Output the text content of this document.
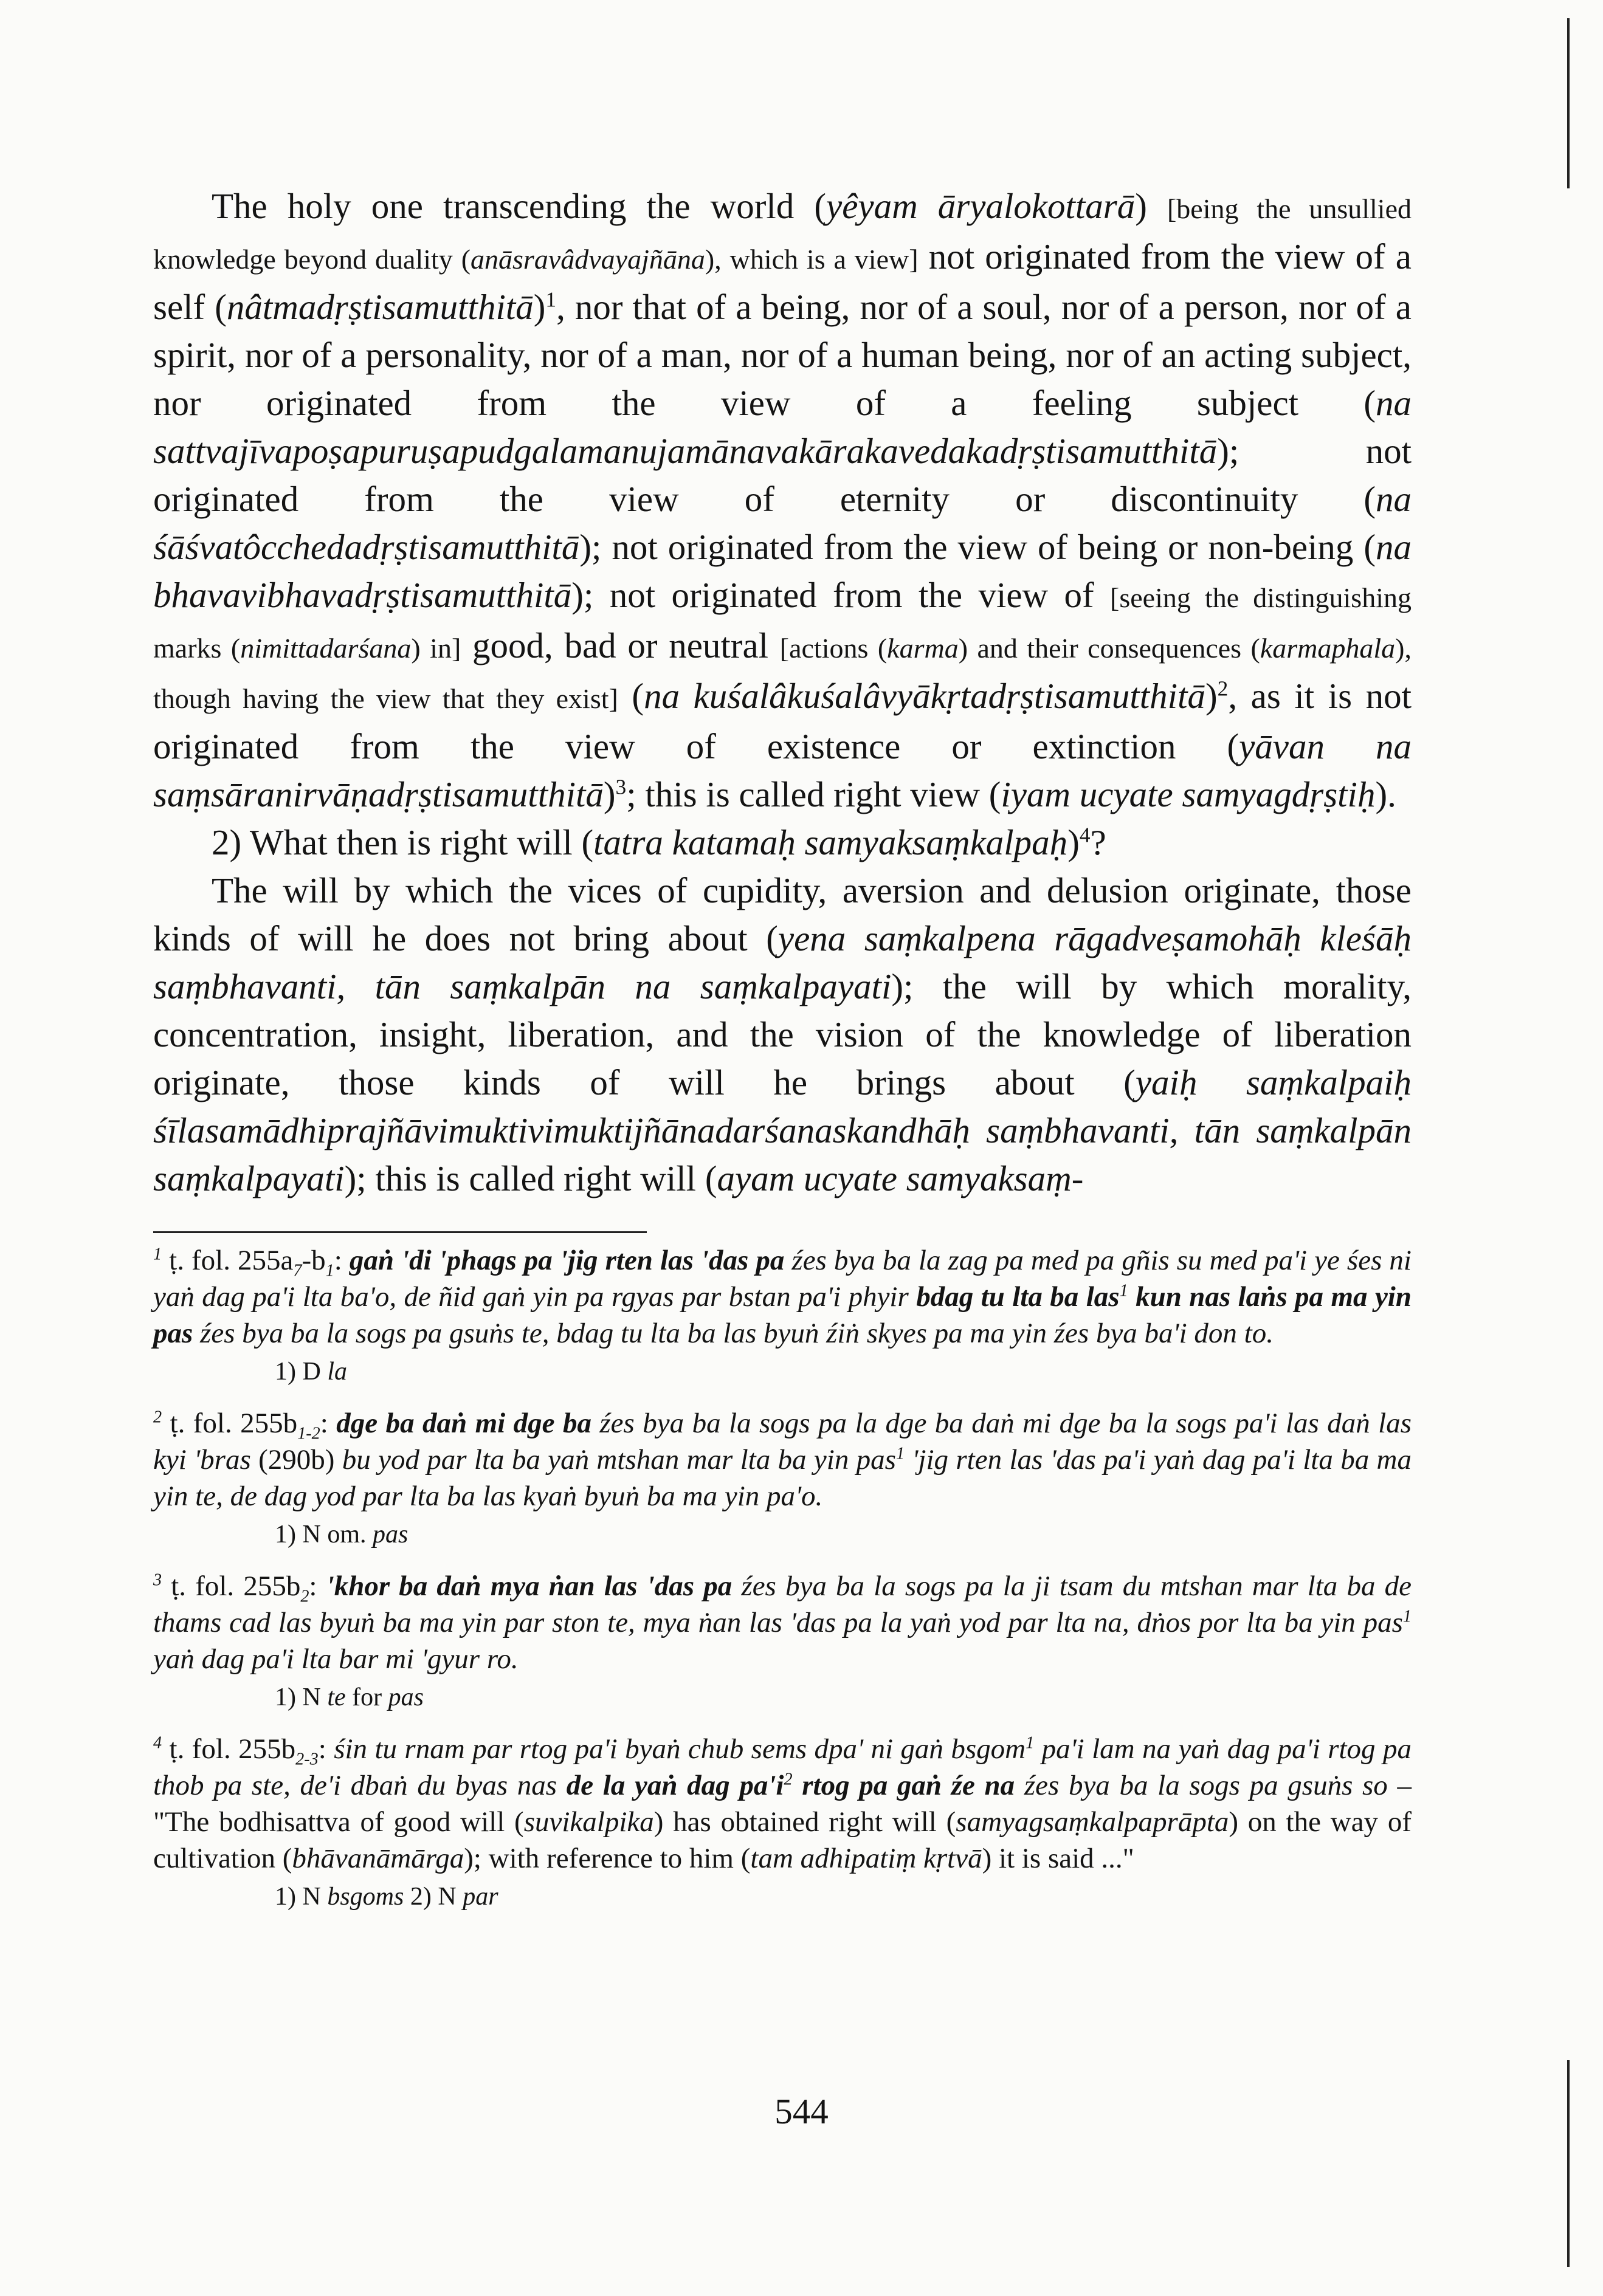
The holy one transcending the world (yêyam āryalokottarā) [being the unsullied knowledge beyond duality (anāsravâdvayajñāna), which is a view] not originated from the view of a self (nâtmadṛṣtisamutthitā)$^1$, nor that of a being, nor of a soul, nor of a person, nor of a spirit, nor of a personality, nor of a man, nor of a human being, nor of an acting subject, nor originated from the view of a feeling subject (na sattvajīvapoṣapuruṣapudgalamanujamānavakārakavedakadṛṣtisamutthitā); not originated from the view of eternity or discontinuity (na śāśvatôcchedadṛṣtisamutthitā); not originated from the view of being or non-being (na bhavavibhavadṛṣtisamutthitā); not originated from the view of [seeing the distinguishing marks (nimittadarśana) in] good, bad or neutral [actions (karma) and their consequences (karmaphala), though having the view that they exist] (na kuśalâkuśalâvyākṛtadṛṣtisamutthitā)$^2$, as it is not originated from the view of existence or extinction (yāvan na saṃsāranirvāṇadṛṣtisamutthitā)$^3$; this is called right view (iyam ucyate samyagdṛṣtiḥ).

2) What then is right will (tatra katamaḥ samyaksaṃkalpaḥ)$^4$?

The will by which the vices of cupidity, aversion and delusion originate, those kinds of will he does not bring about (yena saṃkalpena rāgadveṣamohāḥ kleśāḥ saṃbhavanti, tān saṃkalpān na saṃkalpayati); the will by which morality, concentration, insight, liberation, and the vision of the knowledge of liberation originate, those kinds of will he brings about (yaiḥ saṃkalpaiḥ śīlasamādhiprajñāvimuktivimuktijñānadarśanaskandhāḥ saṃbhavanti, tān saṃkalpān saṃkalpayati); this is called right will (ayam ucyate samyaksaṃ-

$^1$ ṭ. fol. $255a_7-b_1$: gaṅ 'di 'phags pa 'jig rten las 'das pa źes bya ba la zag pa med pa gñis su med pa'i ye śes ni yaṅ dag pa'i lta ba'o, de ñid gaṅ yin pa rgyas par bstan pa'i phyir bdag tu lta ba las$^1$ kun nas laṅs pa ma yin pas źes bya ba la sogs pa gsuṅs te, bdag tu lta ba las byuṅ źiṅ skyes pa ma yin źes bya ba'i don to.

1) D la

$^2$ ṭ. fol. $255b_{1-2}$: dge ba daṅ mi dge ba źes bya ba la sogs pa la dge ba daṅ mi dge ba la sogs pa'i las daṅ las kyi 'bras (290b) bu yod par lta ba yaṅ mtshan mar lta ba yin pas$^1$ 'jig rten las 'das pa'i yaṅ dag pa'i lta ba ma yin te, de dag yod par lta ba las kyaṅ byuṅ ba ma yin pa'o.

1) N om. pas

$^3$ ṭ. fol. $255b_2$: 'khor ba daṅ mya ṅan las 'das pa źes bya ba la sogs pa la ji tsam du mtshan mar lta ba de thams cad las byuṅ ba ma yin par ston te, mya ṅan las 'das pa la yaṅ yod par lta na, dṅos por lta ba yin pas$^1$ yaṅ dag pa'i lta bar mi 'gyur ro.

1) N te for pas

$^4$ ṭ. fol. $255b_{2-3}$: śin tu rnam par rtog pa'i byaṅ chub sems dpa' ni gaṅ bsgom$^1$ pa'i lam na yaṅ dag pa'i rtog pa thob pa ste, de'i dbaṅ du byas nas de la yaṅ dag $pa'i^2$ rtog pa gaṅ źe na źes bya ba la sogs pa gsuṅs so – "The bodhisattva of good will (suvikalpika) has obtained right will (samyagsaṃkalpaprāpta) on the way of cultivation (bhāvanāmārga); with reference to him (tam adhipatiṃ kṛtvā) it is said ..."

1) N bsgoms 2) N par
544
